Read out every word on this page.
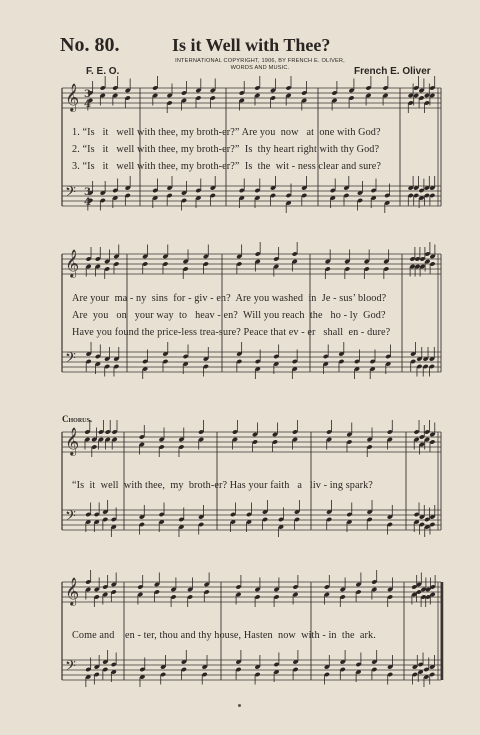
𝄞
𝄢
𝄞
𝄢
𝄞
𝄢
𝄞
𝄢
3
4
3
4
No. 80.	Is it Well with Thee?
INTERNATIONAL COPYRIGHT, 1906, BY FRENCH E. OLIVER,
WORDS AND MUSIC.
F. E. O.	French E. Oliver
1. “Is   it   well with thee, my broth-er?” Are you  now   at  one with God?
2. “Is   it   well with thee, my broth-er?”  Is  thy heart right with thy God?
3. “Is   it   well with thee, my broth-er?”  Is  the  wit - ness clear and sure?
Are your  ma - ny  sins  for - giv - en?  Are you washed  in  Je - sus’ blood?
Are  you   on   your way  to   heav - en?  Will you reach  the   ho - ly  God?
Have you found the price-less trea-sure? Peace that ev - er   shall  en - dure?
Chorus.
“Is  it  well  with thee,  my  broth-er? Has your faith   a   liv - ing spark?
Come and    en - ter, thou and thy house, Hasten  now  with - in  the  ark.
